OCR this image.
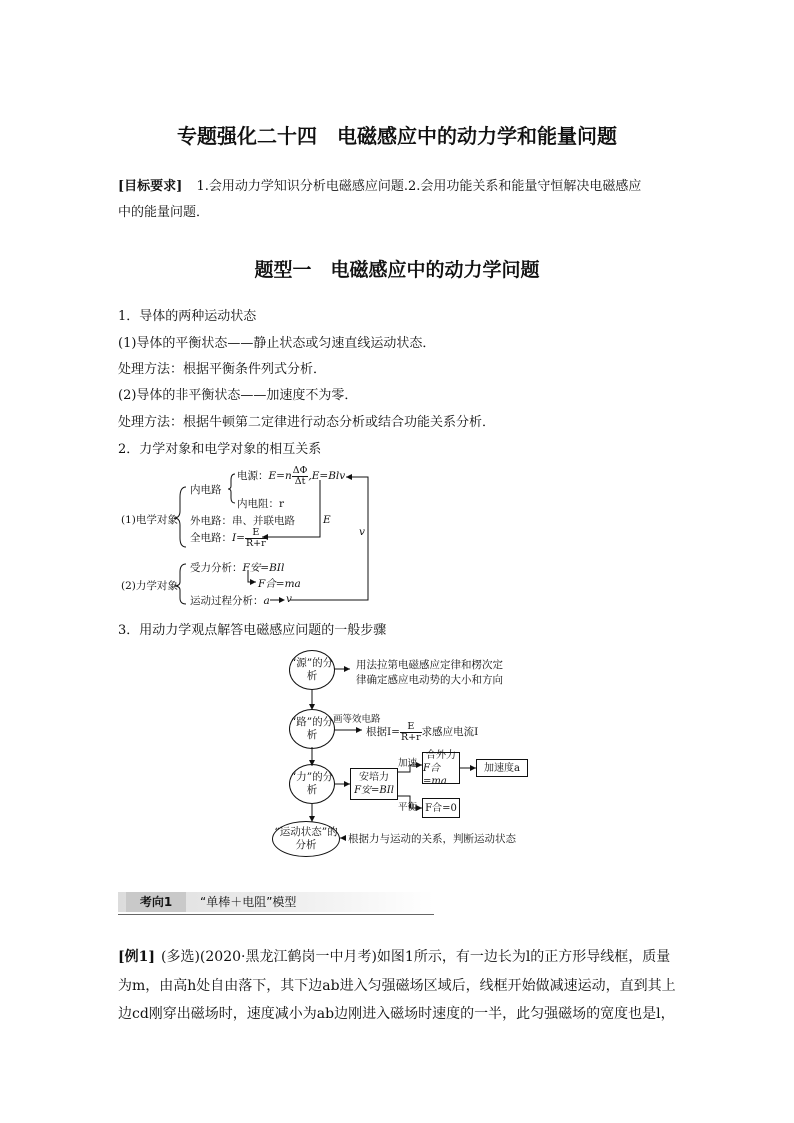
专题强化二十四　电磁感应中的动力学和能量问题
[目标要求] 1.会用动力学知识分析电磁感应问题.2.会用功能关系和能量守恒解决电磁感应
中的能量问题．
题型一　电磁感应中的动力学问题
1．导体的两种运动状态
(1)导体的平衡状态——静止状态或匀速直线运动状态．
处理方法：根据平衡条件列式分析．
(2)导体的非平衡状态——加速度不为零．
处理方法：根据牛顿第二定律进行动态分析或结合功能关系分析．
2．力学对象和电学对象的相互关系
(1)电学对象
内电路
电源：$E=n \frac{\Delta\Phi}{\Delta t} ,E=Blv$
内电阻：r
外电路：串、并联电路
全电路：$I= \frac{E}{R+r}$
E
v
(2)力学对象
受力分析：F安=BIl
F合=ma
运动过程分析：a v
3．用动力学观点解答电磁感应问题的一般步骤
“源”的分析
用法拉第电磁感应定律和楞次定
律确定感应电动势的大小和方向
“路”的分析
画等效电路
根据$I= \frac{E}{R+r}$ 求感应电流I
“力”的分析
安培力
F安=BIl
加速
合外力
F合=ma
加速度a
平衡 F合=0
“运动状态”的分析	根据力与运动的关系，判断运动状态
考向1	“单棒＋电阻”模型
[例1] (多选)(2020·黑龙江鹤岗一中月考)如图1所示，有一边长为l的正方形导线框，质量
为m，由高h处自由落下，其下边ab进入匀强磁场区域后，线框开始做减速运动，直到其上
边cd刚穿出磁场时，速度减小为ab边刚进入磁场时速度的一半，此匀强磁场的宽度也是l，
